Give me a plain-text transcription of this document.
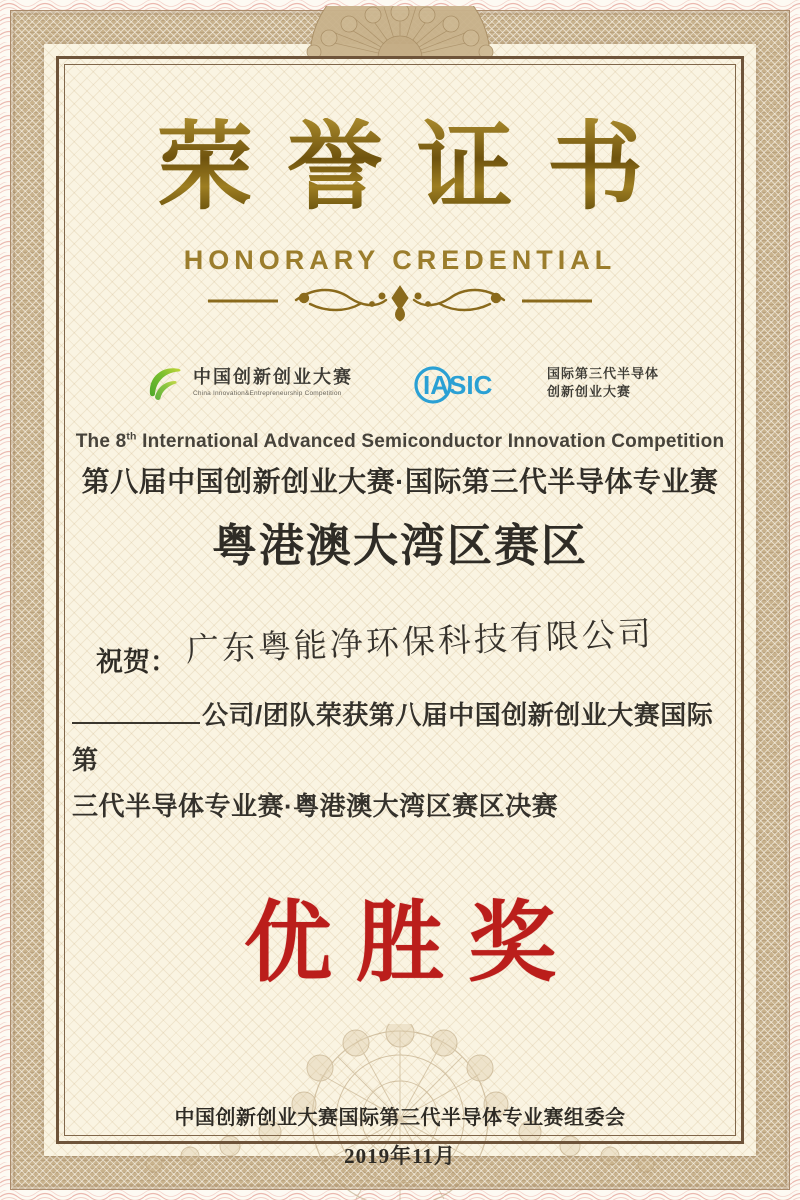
荣誉证书
HONORARY CREDENTIAL
中国创新创业大赛
China Innovation&Entrepreneurship Competition	IASIC	国际第三代半导体
创新创业大赛
The 8th International Advanced Semiconductor Innovation Competition
第八届中国创新创业大赛·国际第三代半导体专业赛
粤港澳大湾区赛区
祝贺： 广东粤能净环保科技有限公司
公司/团队荣获第八届中国创新创业大赛国际第
三代半导体专业赛·粤港澳大湾区赛区决赛
优胜奖
中国创新创业大赛国际第三代半导体专业赛组委会
2019年11月
